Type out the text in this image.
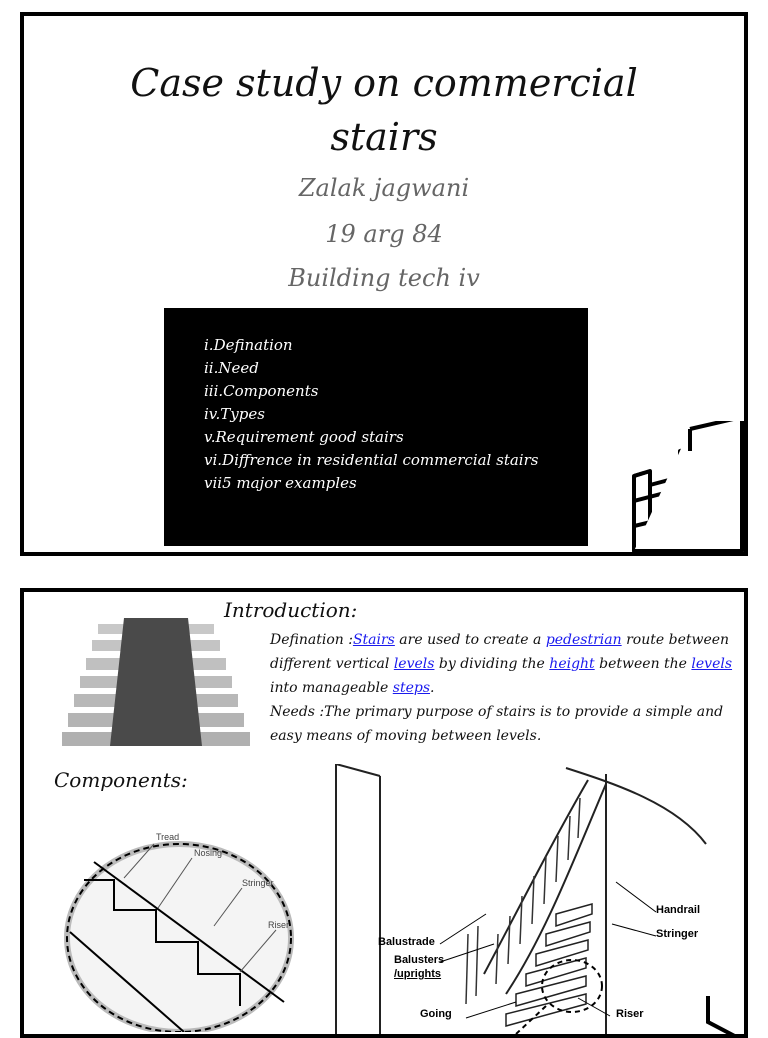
Case study on commercial stairs
Zalak jagwani
19 arg 84
Building tech iv
i.Defination
ii.Need
iii.Components
iv.Types
v.Requirement good stairs
vi.Diffrence in residential commercial stairs
vii5 major examples
Introduction:
Defination :Stairs are used to create a pedestrian route between different vertical levels by dividing the height between the levels into manageable steps.
Needs :The primary purpose of stairs is to provide a simple and easy means of moving between levels.
Components:
Tread
Nosing
Stringer
Riser
Handrail
Stringer
Balustrade
Balusters
/uprights
Going	Riser
